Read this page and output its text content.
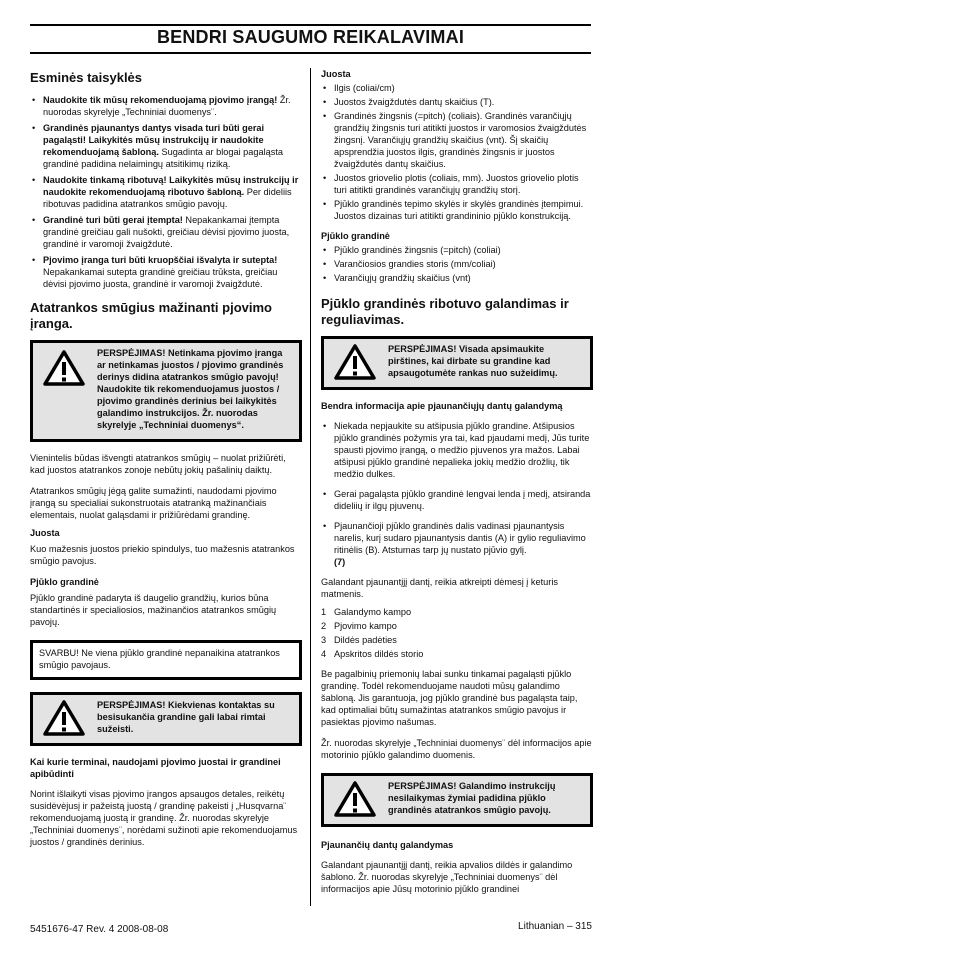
BENDRI SAUGUMO REIKALAVIMAI
Esminės taisyklės
• Naudokite tik mūsų rekomenduojamą pjovimo įrangą! Žr. nuorodas skyrelyje „Techniniai duomenys¨.
• Grandinės pjaunantys dantys visada turi būti gerai pagaląsti! Laikykitės mūsų instrukcijų ir naudokite rekomenduojamą šabloną. Sugadinta ar blogai pagaląsta grandinė padidina nelaimingų atsitikimų riziką.
• Naudokite tinkamą ribotuvą! Laikykitės mūsų instrukcijų ir naudokite rekomenduojamą ribotuvo šabloną. Per dideliis ribotuvas padidina atatrankos smūgio pavojų.
• Grandinė turi būti gerai įtempta! Nepakankamai įtempta grandinė greičiau gali nušokti, greičiau dėvisi pjovimo juosta, grandinė ir varomoji žvaigždutė.
• Pjovimo įranga turi būti kruopščiai išvalyta ir sutepta! Nepakankamai sutepta grandinė greičiau trūksta, greičiau dėvisi pjovimo juosta, grandinė ir varomoji žvaigždutė.
Atatrankos smūgius mažinanti pjovimo įranga.
PERSPĖJIMAS! Netinkama pjovimo įranga ar netinkamas juostos / pjovimo grandinės derinys didina atatrankos smūgio pavojų! Naudokite tik rekomenduojamus juostos / pjovimo grandinės derinius bei laikykitės galandimo instrukcijos. Žr. nuorodas skyrelyje „Techniniai duomenys“.

Vienintelis būdas išvengti atatrankos smūgių – nuolat prižiūrėti, kad juostos atatrankos zonoje nebūtų jokių pašalinių daiktų.

Atatrankos smūgių jėgą galite sumažinti, naudodami pjovimo įrangą su specialiai sukonstruotais atatranką mažinančiais elementais, nuolat galąsdami ir prižiūrėdami grandinę.

Juosta

Kuo mažesnis juostos priekio spindulys, tuo mažesnis atatrankos smūgio pavojus.

Pjūklo grandinė

Pjūklo grandinė padaryta iš daugelio grandžių, kurios būna standartinės ir specialiosios, mažinančios atatrankos smūgių pavojų.

SVARBU! Ne viena pjūklo grandinė nepanaikina atatrankos smūgio pavojaus.
PERSPĖJIMAS! Kiekvienas kontaktas su besisukančia grandine gali labai rimtai sužeisti.
Kai kurie terminai, naudojami pjovimo juostai ir grandinei apibūdinti

Norint išlaikyti visas pjovimo įrangos apsaugos detales, reikėtų susidėvėjusį ir pažeistą juostą / grandinę pakeisti į „Husqvarna¨ rekomenduojamą juostą ir grandinę. Žr. nuorodas skyrelyje „Techniniai duomenys¨, norėdami sužinoti apie rekomenduojamus juostos / grandinės derinius.

Juosta
• Ilgis (coliai/cm)
• Juostos žvaigždutės dantų skaičius (T).
• Grandinės žingsnis (=pitch) (coliais). Grandinės varančiųjų grandžių žingsnis turi atitikti juostos ir varomosios žvaigždutės žingsnį. Varančiųjų grandžių skaičius (vnt). Šį skaičių apsprendžia juostos ilgis, grandinės žingsnis ir juostos žvaigždutės dantų skaičius.
• Juostos griovelio plotis (coliais, mm). Juostos griovelio plotis turi atitikti grandinės varančiųjų grandžių storį.
• Pjūklo grandinės tepimo skylės ir skylės grandinės įtempimui. Juostos dizainas turi atitikti grandininio pjūklo konstrukciją.
Pjūklo grandinė
• Pjūklo grandinės žingsnis (=pitch) (coliai)
• Varančiosios grandies storis (mm/coliai)
• Varančiųjų grandžių skaičius (vnt)
Pjūklo grandinės ribotuvo galandimas ir reguliavimas.
PERSPĖJIMAS! Visada apsimaukite pirštines, kai dirbate su grandine kad apsaugotumėte rankas nuo sužeidimų.
Bendra informacija apie pjaunančiųjų dantų galandymą
• Niekada nepjaukite su atšipusia pjūklo grandine. Atšipusios pjūklo grandinės požymis yra tai, kad pjaudami medį, Jūs turite spausti pjovimo įrangą, o medžio pjuvenos yra mažos. Labai atšipusi pjūklo grandinė nepalieka jokių medžio drožlių, tik medžio dulkes.
• Gerai pagaląsta pjūklo grandinė lengvai lenda į medį, atsiranda dideliių ir ilgų pjuvenų.
• Pjaunančioji pjūklo grandinės dalis vadinasi pjaunantysis narelis, kurį sudaro pjaunantysis dantis (A) ir gylio reguliavimo ritinėlis (B). Atstumas tarp jų nustato pjūvio gylį.
(7)

Galandant pjaunantįjį dantį, reikia atkreipti dėmesį į keturis matmenis.

1 Galandymo kampo
2 Pjovimo kampo
3 Dildės padėties
4 Apskritos dildės storio

Be pagalbinių priemonių labai sunku tinkamai pagaląsti pjūklo grandinę. Todėl rekomenduojame naudoti mūsų galandimo šabloną. Jis garantuoja, jog pjūklo grandinė bus pagaląsta taip, kad optimaliai būtų sumažintas atatrankos smūgio pavojus ir pasiektas pjovimo našumas.

Žr. nuorodas skyrelyje „Techniniai duomenys¨ dėl informacijos apie motorinio pjūklo galandimo duomenis.

PERSPĖJIMAS! Galandimo instrukcijų nesilaikymas žymiai padidina pjūklo grandinės atatrankos smūgio pavojų.
Pjaunančių dantų galandymas

Galandant pjaunantįjį dantį, reikia apvalios dildės ir galandimo šablono. Žr. nuorodas skyrelyje „Techniniai duomenys¨ dėl informacijos apie Jūsų motorinio pjūklo grandinei

5451676-47 Rev. 4 2008-08-08	Lithuanian – 315
